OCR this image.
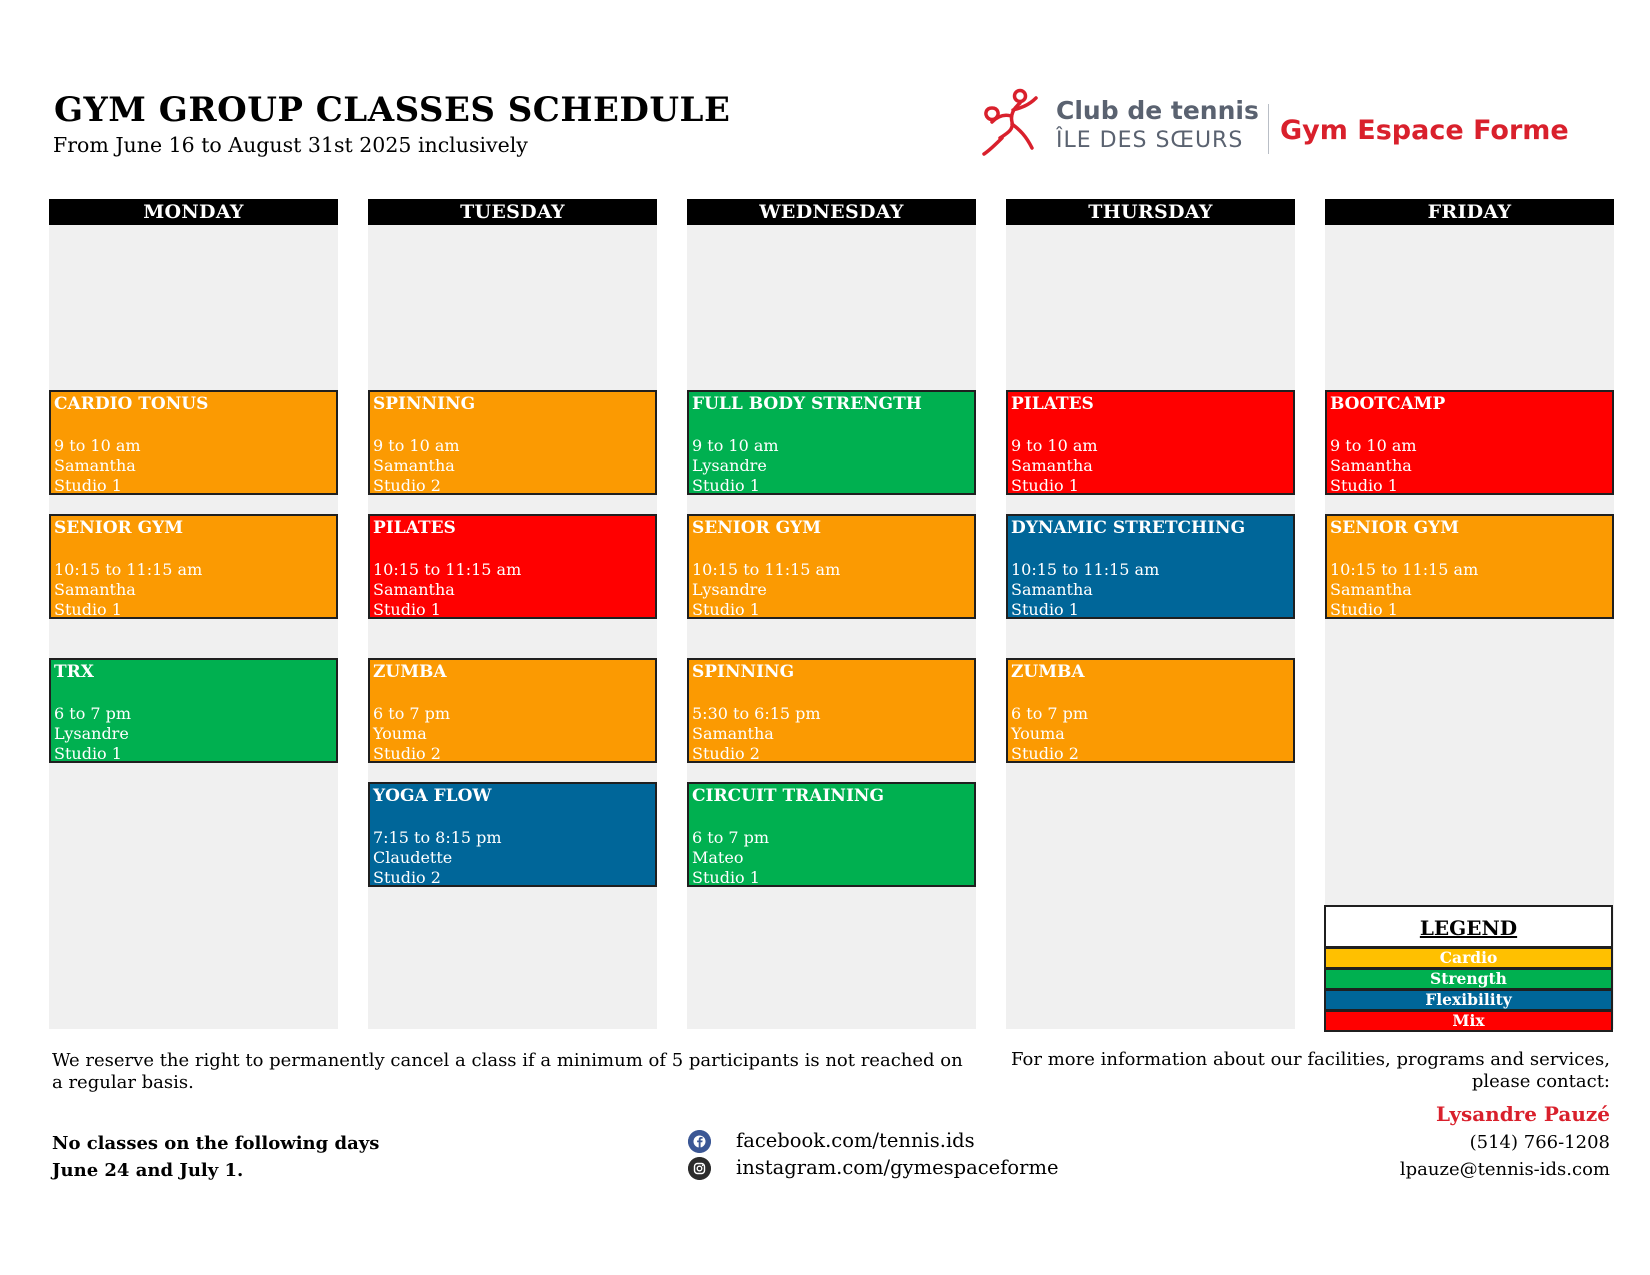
GYM GROUP CLASSES SCHEDULE
From June 16 to August 31st 2025 inclusively
Club de tennis
ÎLE DES SŒURS Gym Espace Forme
MONDAY
CARDIO TONUS
9 to 10 am
Samantha
Studio 1
SENIOR GYM
10:15 to 11:15 am
Samantha
Studio 1
TRX
6 to 7 pm
Lysandre
Studio 1
TUESDAY
SPINNING
9 to 10 am
Samantha
Studio 2
PILATES
10:15 to 11:15 am
Samantha
Studio 1
ZUMBA
6 to 7 pm
Youma
Studio 2
YOGA FLOW
7:15 to 8:15 pm
Claudette
Studio 2
WEDNESDAY
FULL BODY STRENGTH
9 to 10 am
Lysandre
Studio 1
SENIOR GYM
10:15 to 11:15 am
Lysandre
Studio 1
SPINNING
5:30 to 6:15 pm
Samantha
Studio 2
CIRCUIT TRAINING
6 to 7 pm
Mateo
Studio 1
THURSDAY
PILATES
9 to 10 am
Samantha
Studio 1
DYNAMIC STRETCHING
10:15 to 11:15 am
Samantha
Studio 1
ZUMBA
6 to 7 pm
Youma
Studio 2
FRIDAY
BOOTCAMP
9 to 10 am
Samantha
Studio 1
SENIOR GYM
10:15 to 11:15 am
Samantha
Studio 1
LEGEND
Cardio
Strength
Flexibility
Mix
We reserve the right to permanently cancel a class if a minimum of 5 participants is not reached on a regular basis.
No classes on the following days
June 24 and July 1.
facebook.com/tennis.ids
instagram.com/gymespaceforme
For more information about our facilities, programs and services,
please contact:
Lysandre Pauzé
(514) 766-1208
lpauze@tennis-ids.com
